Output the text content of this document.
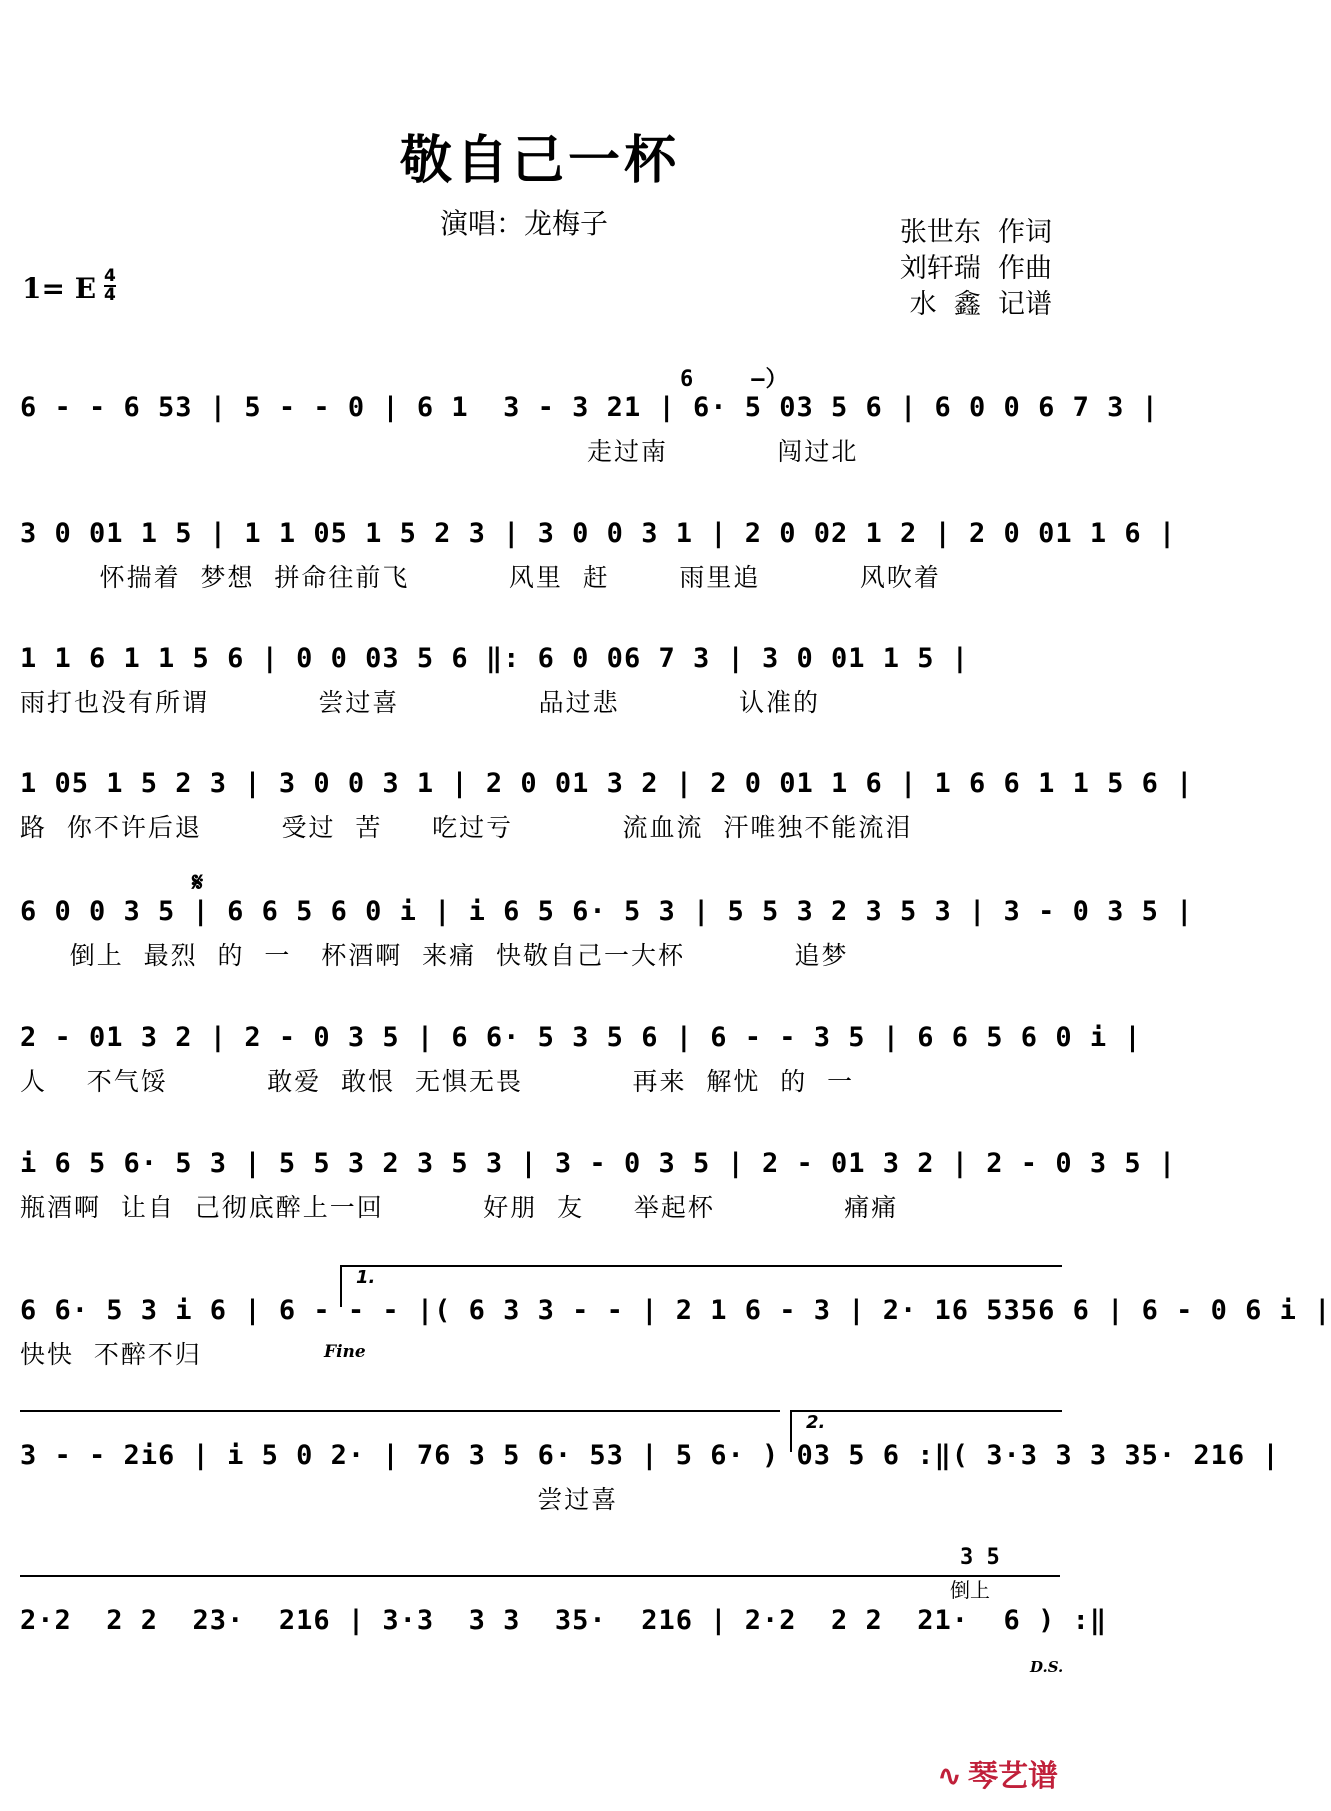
敬自己一杯
演唱：龙梅子	张世东  作词
刘轩瑞  作曲
水  鑫  记谱
1= E 4
4
6    –）
6 - - 6 53 | 5 - - 0 | 6 1  3 - 3 21 | 6· 5 03 5 6 | 6 0 0 6 7 3 |
走过南           闯过北
3 0 01 1 5 | 1 1 05 1 5 2 3 | 3 0 0 3 1 | 2 0 02 1 2 | 2 0 01 1 6 |
怀揣着  梦想  拼命往前飞          风里  赶       雨里追          风吹着
1 1 6 1 1 5 6 | 0 0 03 5 6 ‖: 6 0 06 7 3 | 3 0 01 1 5 |
雨打也没有所谓           尝过喜              品过悲            认准的
1 05 1 5 2 3 | 3 0 0 3 1 | 2 0 01 3 2 | 2 0 01 1 6 | 1 6 6 1 1 5 6 |
路  你不许后退        受过  苦     吃过亏           流血流  汗唯独不能流泪
𝄋
6 0 0 3 5 | 6 6 5 6 0 i | i 6 5 6· 5 3 | 5 5 3 2 3 5 3 | 3 - 0 3 5 |
倒上  最烈  的  一   杯酒啊  来痛  快敬自己一大杯           追梦
2 - 01 3 2 | 2 - 0 3 5 | 6 6· 5 3 5 6 | 6 - - 3 5 | 6 6 5 6 0 i |
人    不气馁          敢爱  敢恨  无惧无畏           再来  解忧  的  一
i 6 5 6· 5 3 | 5 5 3 2 3 5 3 | 3 - 0 3 5 | 2 - 01 3 2 | 2 - 0 3 5 |
瓶酒啊  让自  己彻底醉上一回          好朋  友     举起杯             痛痛
1.
6 6· 5 3 i 6 | 6 - - - |( 6 3 3 - - | 2 1 6 - 3 | 2· 16 5356 6 | 6 - 0 6 i |
快快  不醉不归	Fine
2.
3 - - 2i6 | i 5 0 2· | 76 3 5 6· 53 | 5 6· ) 03 5 6 :‖( 3·3 3 3 35· 216 |
尝过喜
3 5
倒上
2·2  2 2  23·  216 | 3·3  3 3  35·  216 | 2·2  2 2  21·  6 ) :‖
D.S.
∿ 琴艺谱
